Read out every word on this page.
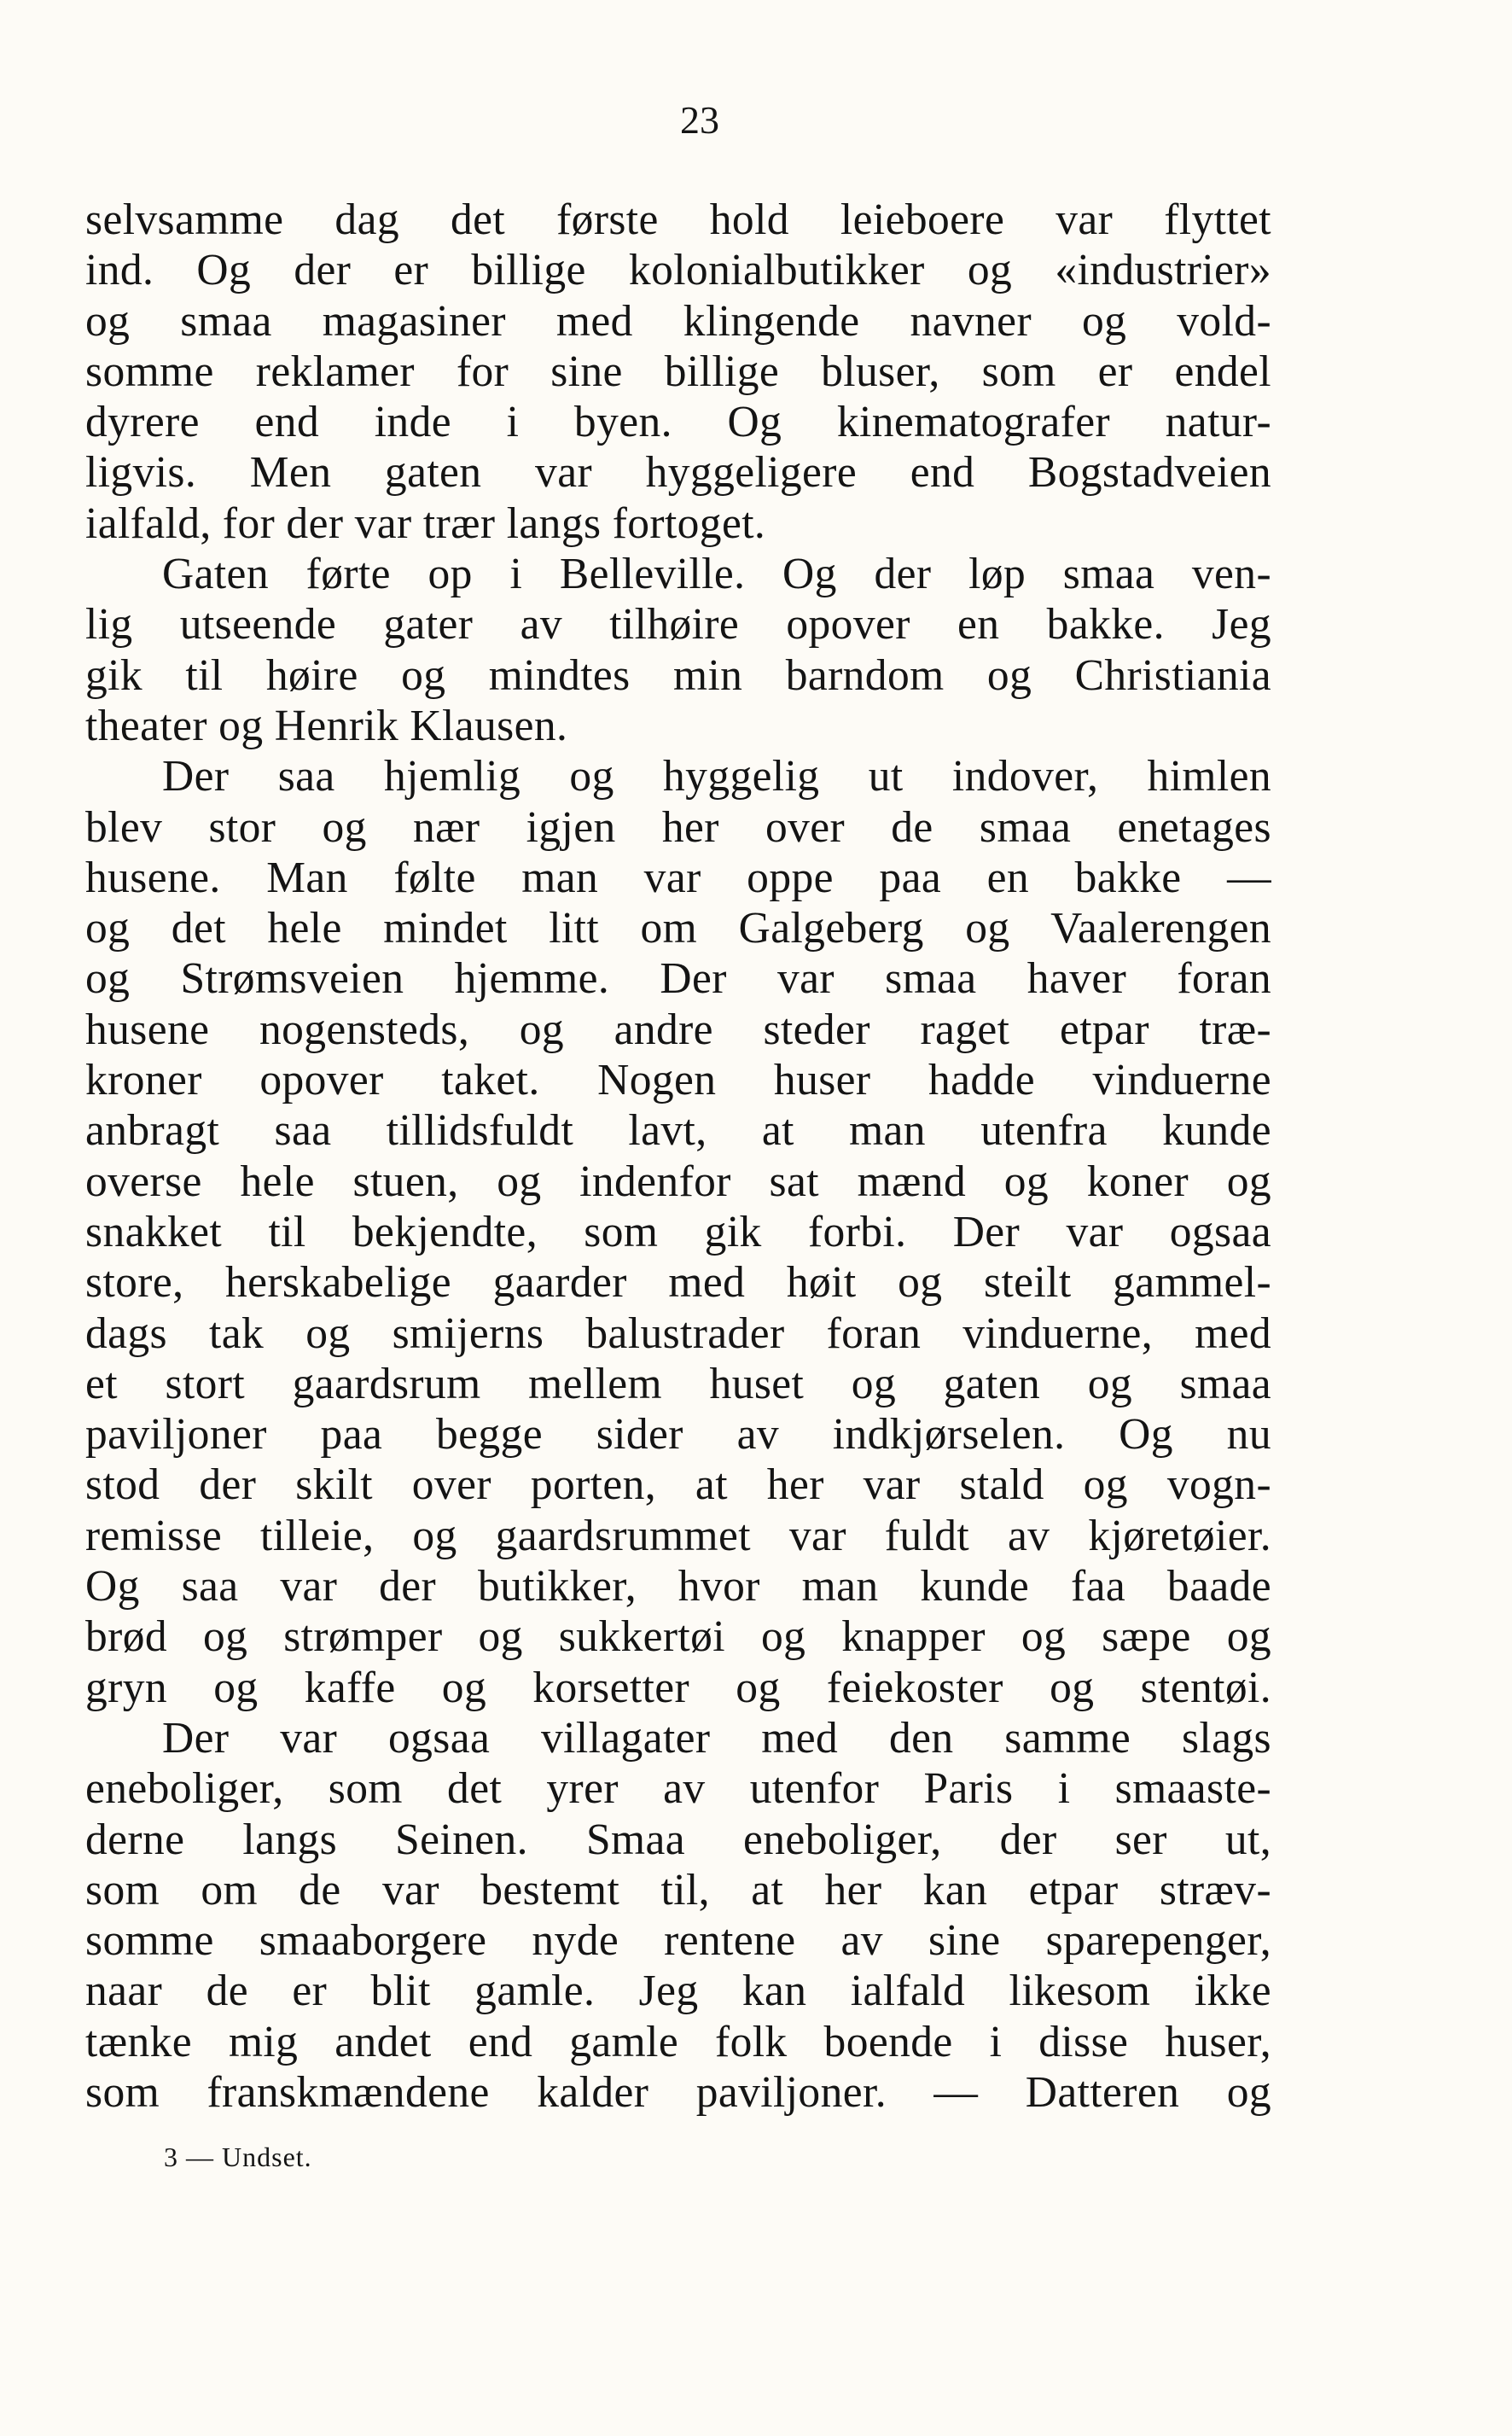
23
selvsamme dag det første hold leieboere var flyttet
ind. Og der er billige kolonialbutikker og «industrier»
og smaa magasiner med klingende navner og vold-
somme reklamer for sine billige bluser, som er endel
dyrere end inde i byen. Og kinematografer natur-
ligvis. Men gaten var hyggeligere end Bogstadveien
ialfald, for der var trær langs fortoget.
Gaten førte op i Belleville. Og der løp smaa ven-
lig utseende gater av tilhøire opover en bakke. Jeg
gik til høire og mindtes min barndom og Christiania
theater og Henrik Klausen.
Der saa hjemlig og hyggelig ut indover, himlen
blev stor og nær igjen her over de smaa enetages
husene. Man følte man var oppe paa en bakke —
og det hele mindet litt om Galgeberg og Vaalerengen
og Strømsveien hjemme. Der var smaa haver foran
husene nogensteds, og andre steder raget etpar træ-
kroner opover taket. Nogen huser hadde vinduerne
anbragt saa tillidsfuldt lavt, at man utenfra kunde
overse hele stuen, og indenfor sat mænd og koner og
snakket til bekjendte, som gik forbi. Der var ogsaa
store, herskabelige gaarder med høit og steilt gammel-
dags tak og smijerns balustrader foran vinduerne, med
et stort gaardsrum mellem huset og gaten og smaa
paviljoner paa begge sider av indkjørselen. Og nu
stod der skilt over porten, at her var stald og vogn-
remisse tilleie, og gaardsrummet var fuldt av kjøretøier.
Og saa var der butikker, hvor man kunde faa baade
brød og strømper og sukkertøi og knapper og sæpe og
gryn og kaffe og korsetter og feiekoster og stentøi.
Der var ogsaa villagater med den samme slags
eneboliger, som det yrer av utenfor Paris i smaaste-
derne langs Seinen. Smaa eneboliger, der ser ut,
som om de var bestemt til, at her kan etpar stræv-
somme smaaborgere nyde rentene av sine sparepenger,
naar de er blit gamle. Jeg kan ialfald likesom ikke
tænke mig andet end gamle folk boende i disse huser,
som franskmændene kalder paviljoner. — Datteren og
3 — Undset.
